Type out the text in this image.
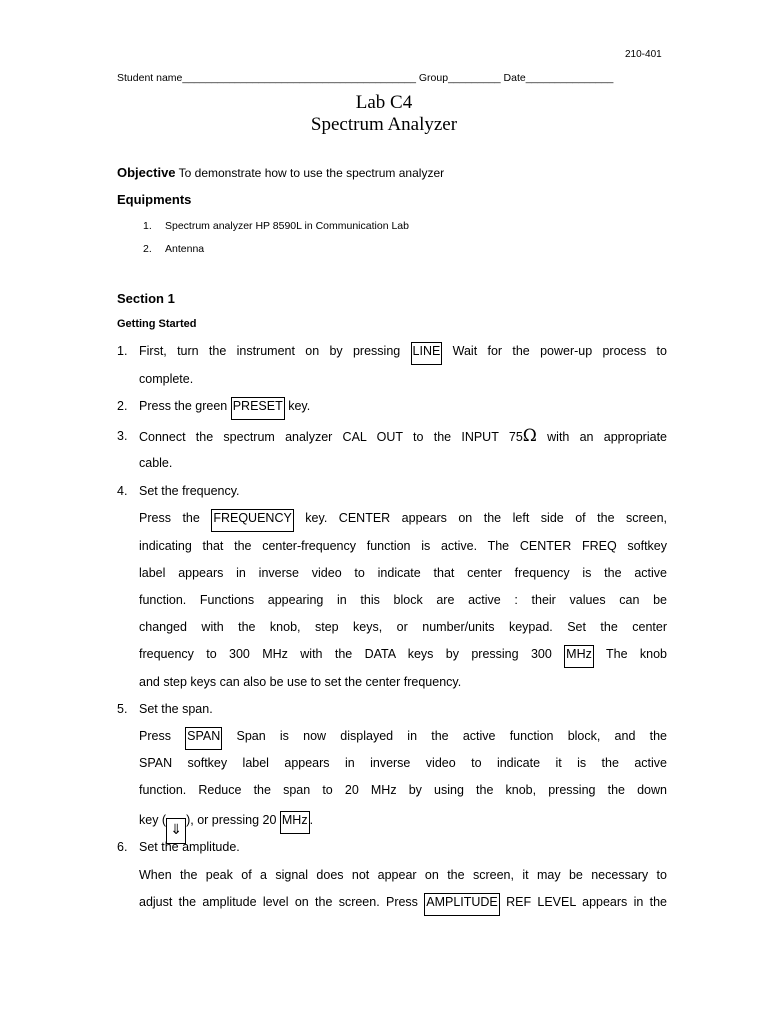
210-401
Student name________________________________________ Group_________ Date_______________
Lab C4
Spectrum Analyzer
Objective To demonstrate how to use the spectrum analyzer
Equipments
1. Spectrum analyzer HP 8590L in Communication Lab
2. Antenna
Section 1
Getting Started
1. First, turn the instrument on by pressing LINE Wait for the power-up process to
complete.
2. Press the green PRESET key.
3. Connect the spectrum analyzer CAL OUT to the INPUT 75Ω with an appropriate
cable.
4. Set the frequency.
Press the FREQUENCY key. CENTER appears on the left side of the screen,
indicating that the center-frequency function is active. The CENTER FREQ softkey
label appears in inverse video to indicate that center frequency is the active
function. Functions appearing in this block are active : their values can be
changed with the knob, step keys, or number/units keypad. Set the center
frequency to 300 MHz with the DATA keys by pressing 300 MHz The knob
and step keys can also be use to set the center frequency.
5. Set the span.
Press SPAN Span is now displayed in the active function block, and the
SPAN softkey label appears in inverse video to indicate it is the active
function. Reduce the span to 20 MHz by using the knob, pressing the down
key (⇓), or pressing 20 MHz .
6. Set the amplitude.
When the peak of a signal does not appear on the screen, it may be necessary to
adjust the amplitude level on the screen. Press AMPLITUDE REF LEVEL appears in the
